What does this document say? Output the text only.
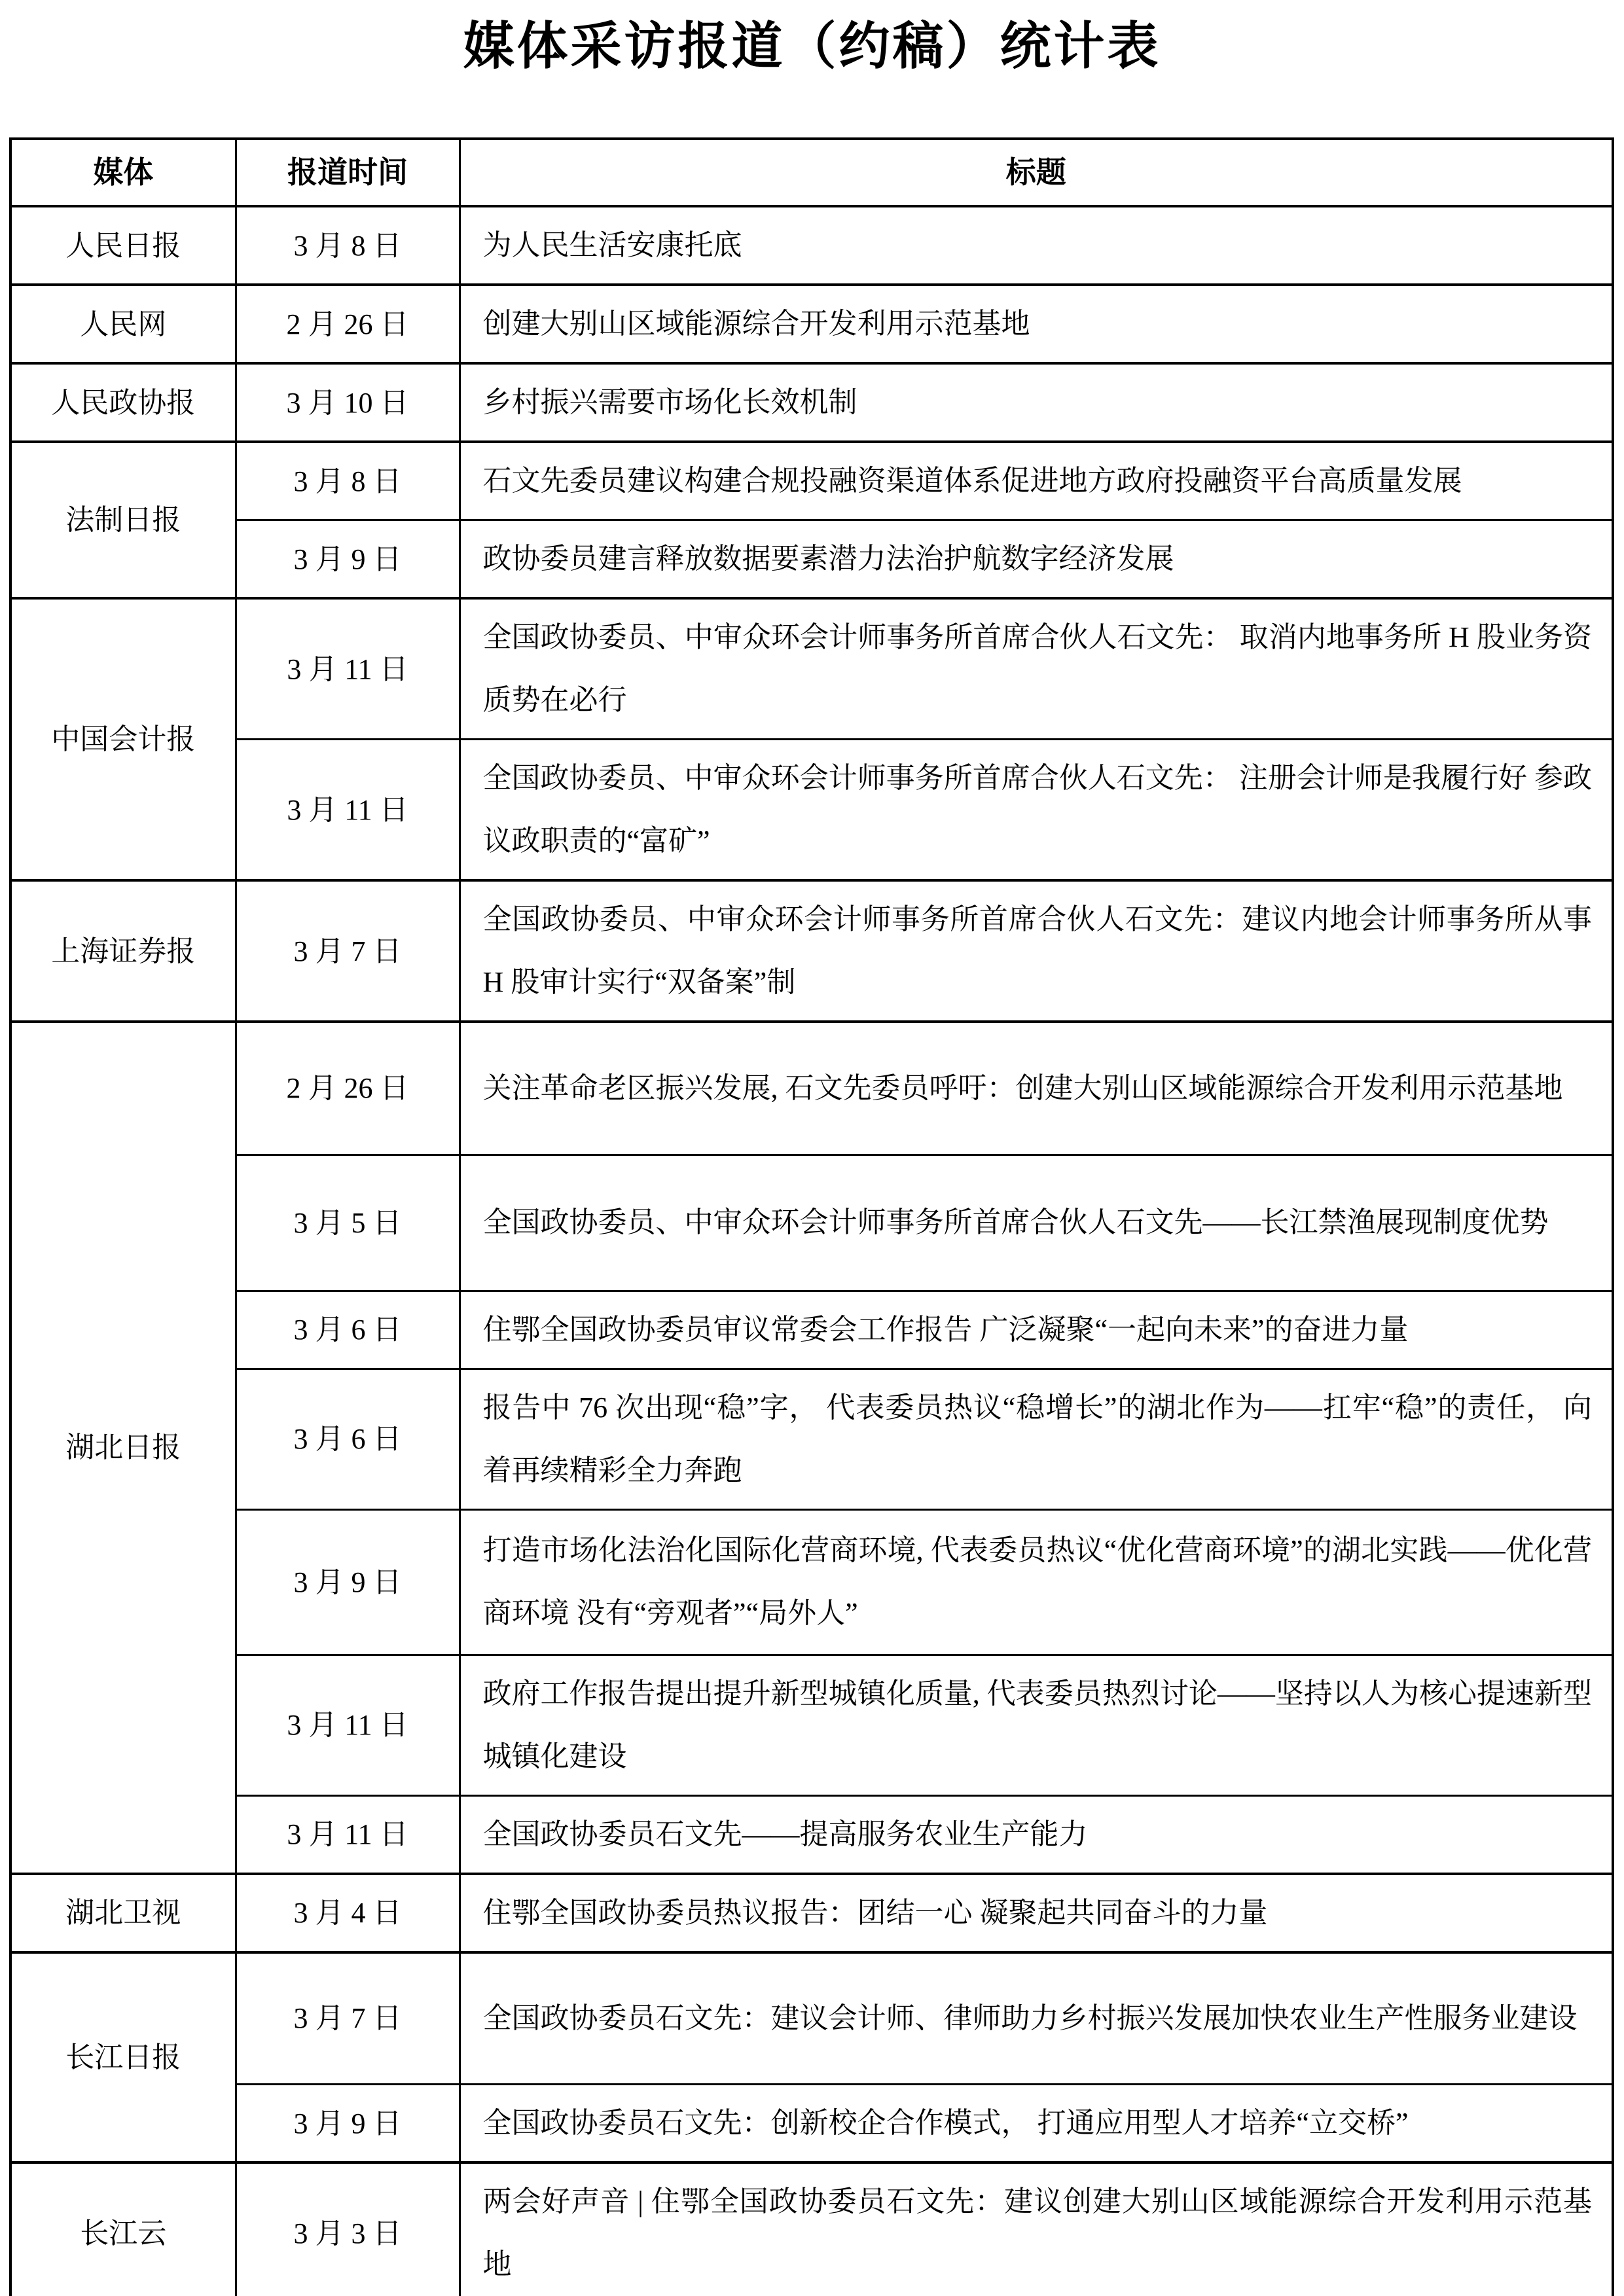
媒体采访报道（约稿）统计表
媒体	报道时间	标题
人民日报	3 月 8 日	为人民生活安康托底

人民网	2 月 26 日	创建大别山区域能源综合开发利用示范基地

人民政协报	3 月 10 日	乡村振兴需要市场化长效机制

法制日报	3 月 8 日	石文先委员建议构建合规投融资渠道体系促进地方政府投融资平台高质量发展

	3 月 9 日	政协委员建言释放数据要素潜力法治护航数字经济发展

中国会计报	3 月 11 日	全国政协委员、中审众环会计师事务所首席合伙人石文先： 取消内地事务所 H 股业务资质势在必行

	3 月 11 日	全国政协委员、中审众环会计师事务所首席合伙人石文先： 注册会计师是我履行好 参政议政职责的“富矿”

上海证券报	3 月 7 日	全国政协委员、中审众环会计师事务所首席合伙人石文先：建议内地会计师事务所从事 H 股审计实行“双备案”制

湖北日报	2 月 26 日	关注革命老区振兴发展, 石文先委员呼吁：创建大别山区域能源综合开发利用示范基地

	3 月 5 日	全国政协委员、中审众环会计师事务所首席合伙人石文先——长江禁渔展现制度优势

	3 月 6 日	住鄂全国政协委员审议常委会工作报告 广泛凝聚“一起向未来”的奋进力量

	3 月 6 日	报告中 76 次出现“稳”字， 代表委员热议“稳增长”的湖北作为——扛牢“稳”的责任， 向着再续精彩全力奔跑

	3 月 9 日	打造市场化法治化国际化营商环境, 代表委员热议“优化营商环境”的湖北实践——优化营商环境 没有“旁观者”“局外人”

	3 月 11 日	政府工作报告提出提升新型城镇化质量, 代表委员热烈讨论——坚持以人为核心提速新型城镇化建设

	3 月 11 日	全国政协委员石文先——提高服务农业生产能力

湖北卫视	3 月 4 日	住鄂全国政协委员热议报告：团结一心 凝聚起共同奋斗的力量

长江日报	3 月 7 日	全国政协委员石文先：建议会计师、律师助力乡村振兴发展加快农业生产性服务业建设

	3 月 9 日	全国政协委员石文先：创新校企合作模式， 打通应用型人才培养“立交桥”

长江云	3 月 3 日	两会好声音 | 住鄂全国政协委员石文先：建议创建大别山区域能源综合开发利用示范基地
